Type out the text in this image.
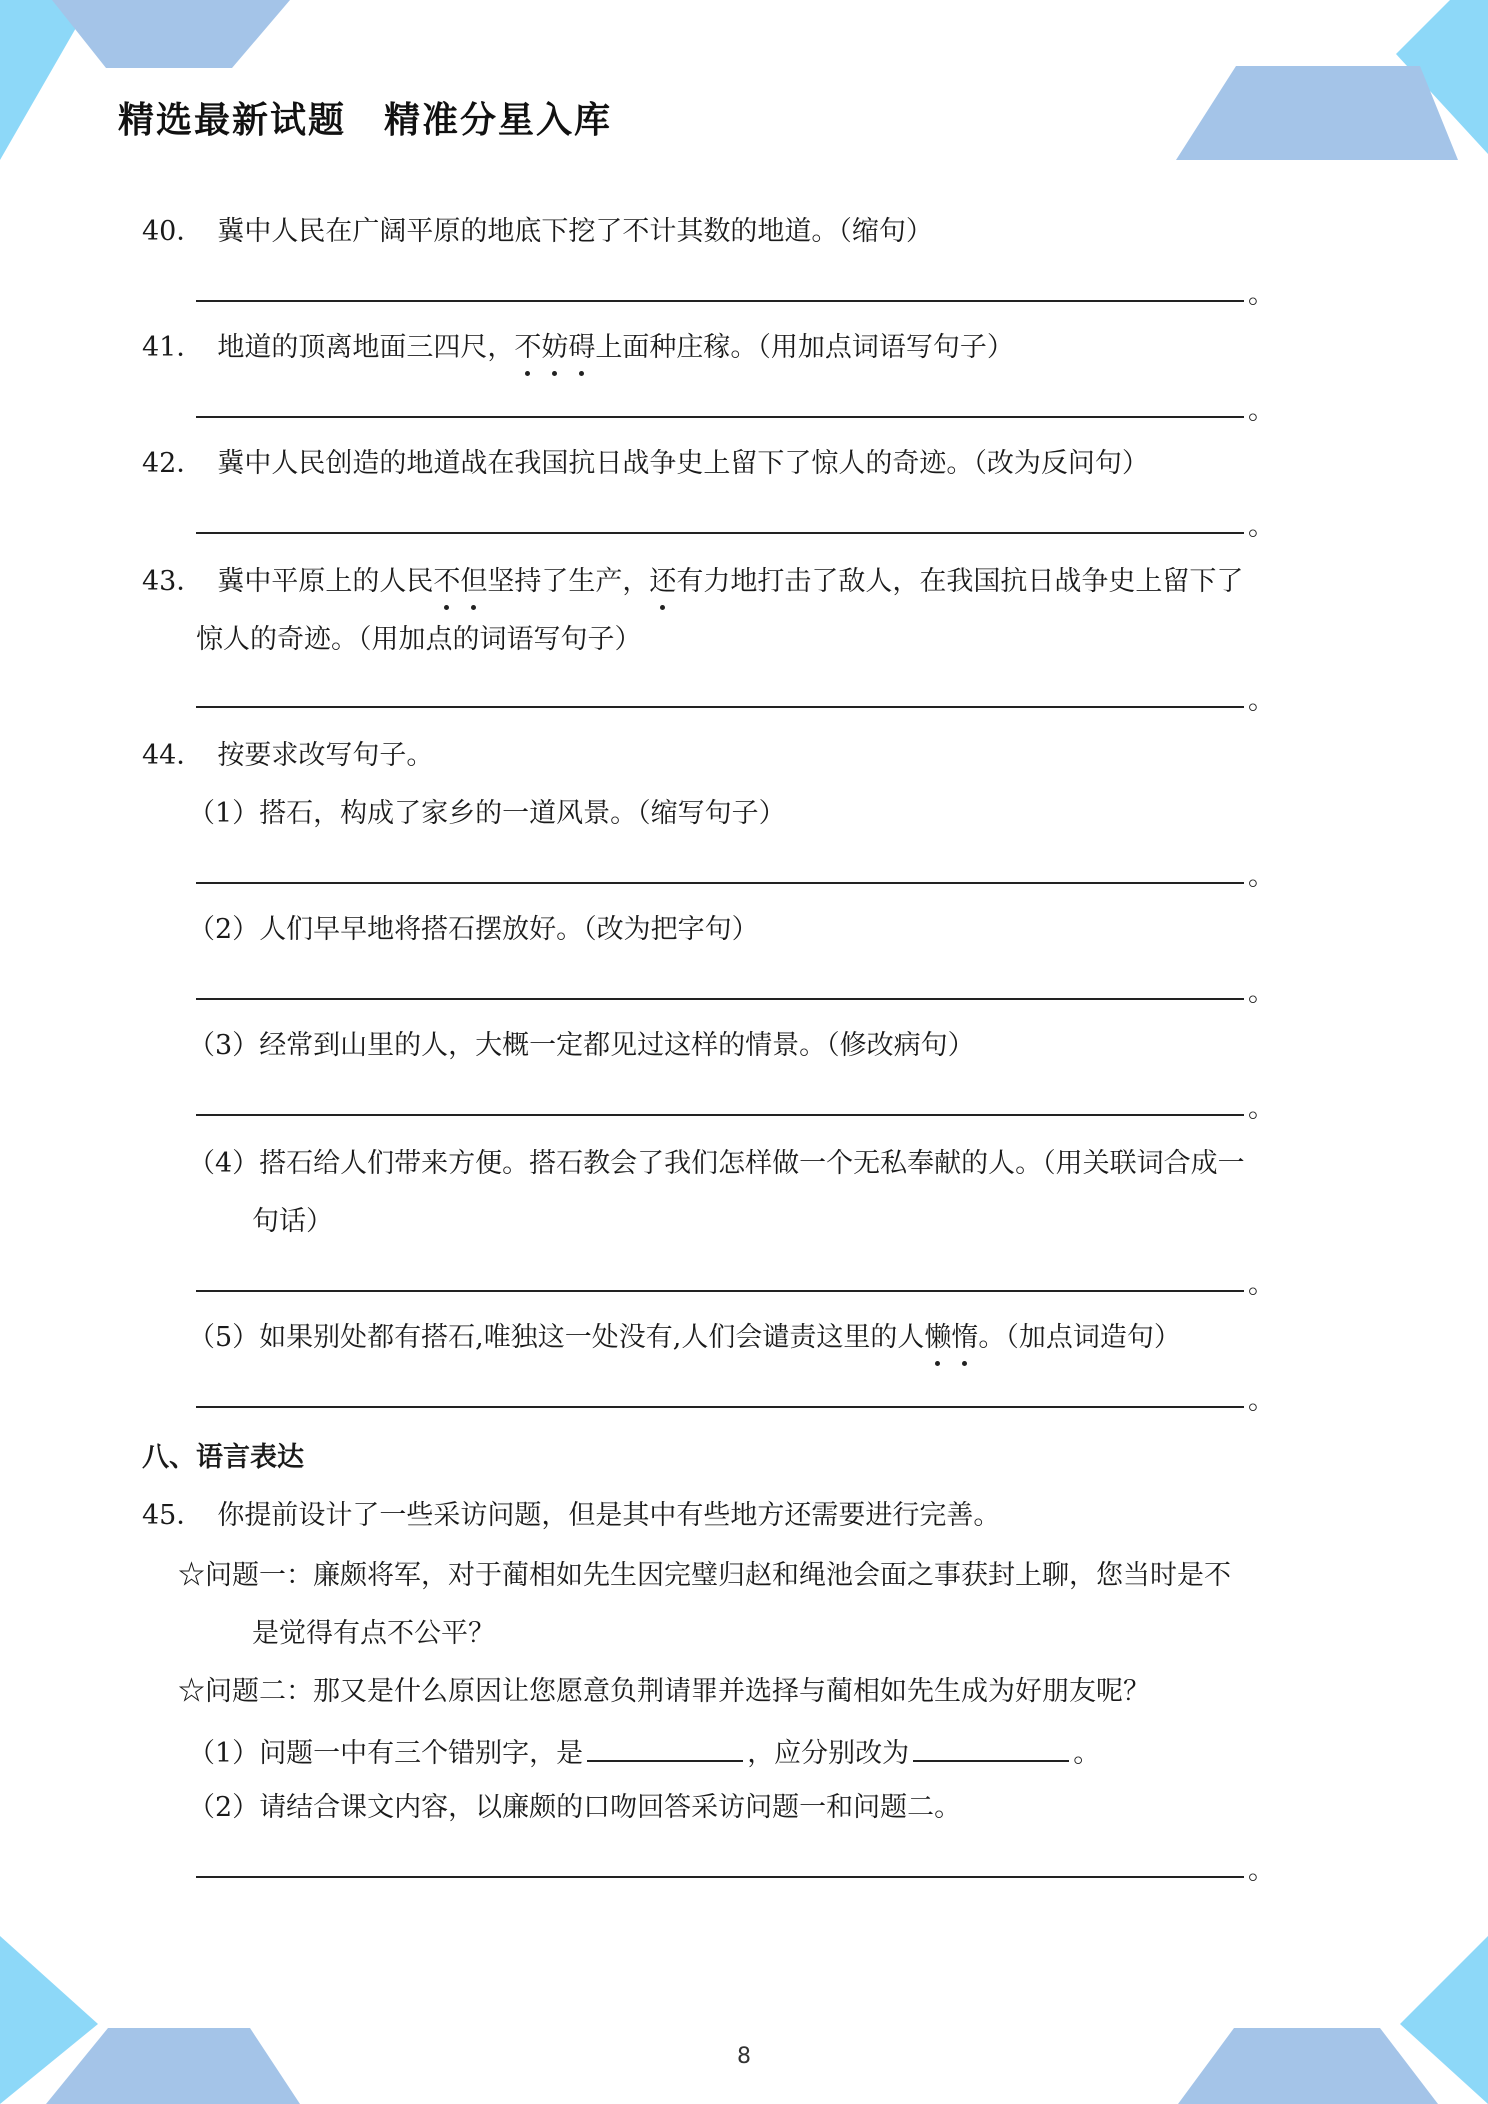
精选最新试题　精准分星入库
40． 冀中人民在广阔平原的地底下挖了不计其数的地道。（缩句）
。
41． 地道的顶离地面三四尺，不妨碍上面种庄稼。（用加点词语写句子）
。
42． 冀中人民创造的地道战在我国抗日战争史上留下了惊人的奇迹。（改为反问句）
。
43． 冀中平原上的人民不但坚持了生产，还有力地打击了敌人，在我国抗日战争史上留下了
惊人的奇迹。（用加点的词语写句子）
。
44． 按要求改写句子。
（1）搭石，构成了家乡的一道风景。（缩写句子）
。
（2）人们早早地将搭石摆放好。（改为把字句）
。
（3）经常到山里的人，大概一定都见过这样的情景。（修改病句）
。
（4）搭石给人们带来方便。搭石教会了我们怎样做一个无私奉献的人。（用关联词合成一
句话）
。
（5）如果别处都有搭石,唯独这一处没有,人们会谴责这里的人懒惰。（加点词造句）
。
八、语言表达
45． 你提前设计了一些采访问题，但是其中有些地方还需要进行完善。
☆问题一：廉颇将军，对于蔺相如先生因完璧归赵和绳池会面之事获封上聊，您当时是不
是觉得有点不公平？
☆问题二：那又是什么原因让您愿意负荆请罪并选择与蔺相如先生成为好朋友呢？
（1）问题一中有三个错别字，是	，应分别改为	。
（2）请结合课文内容，以廉颇的口吻回答采访问题一和问题二。
。
8
